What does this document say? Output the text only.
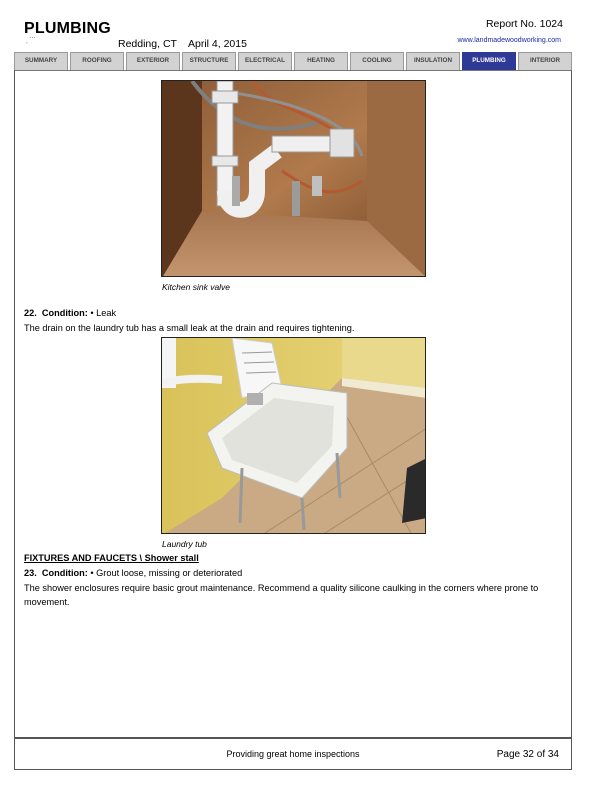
PLUMBING
¸ ´´´	Redding, CT April 4, 2015
Report No. 1024
www.landmadewoodworking.com
SUMMARY	ROOFING	EXTERIOR	STRUCTURE	ELECTRICAL	HEATING	COOLING	INSULATION	PLUMBING	INTERIOR
Kitchen sink valve
22. Condition: • Leak
The drain on the laundry tub has a small leak at the drain and requires tightening.
Laundry tub
FIXTURES AND FAUCETS \ Shower stall
23. Condition: • Grout loose, missing or deteriorated
The shower enclosures require basic grout maintenance. Recommend a quality silicone caulking in the corners where prone to movement.
Providing great home inspections	Page 32 of 34
